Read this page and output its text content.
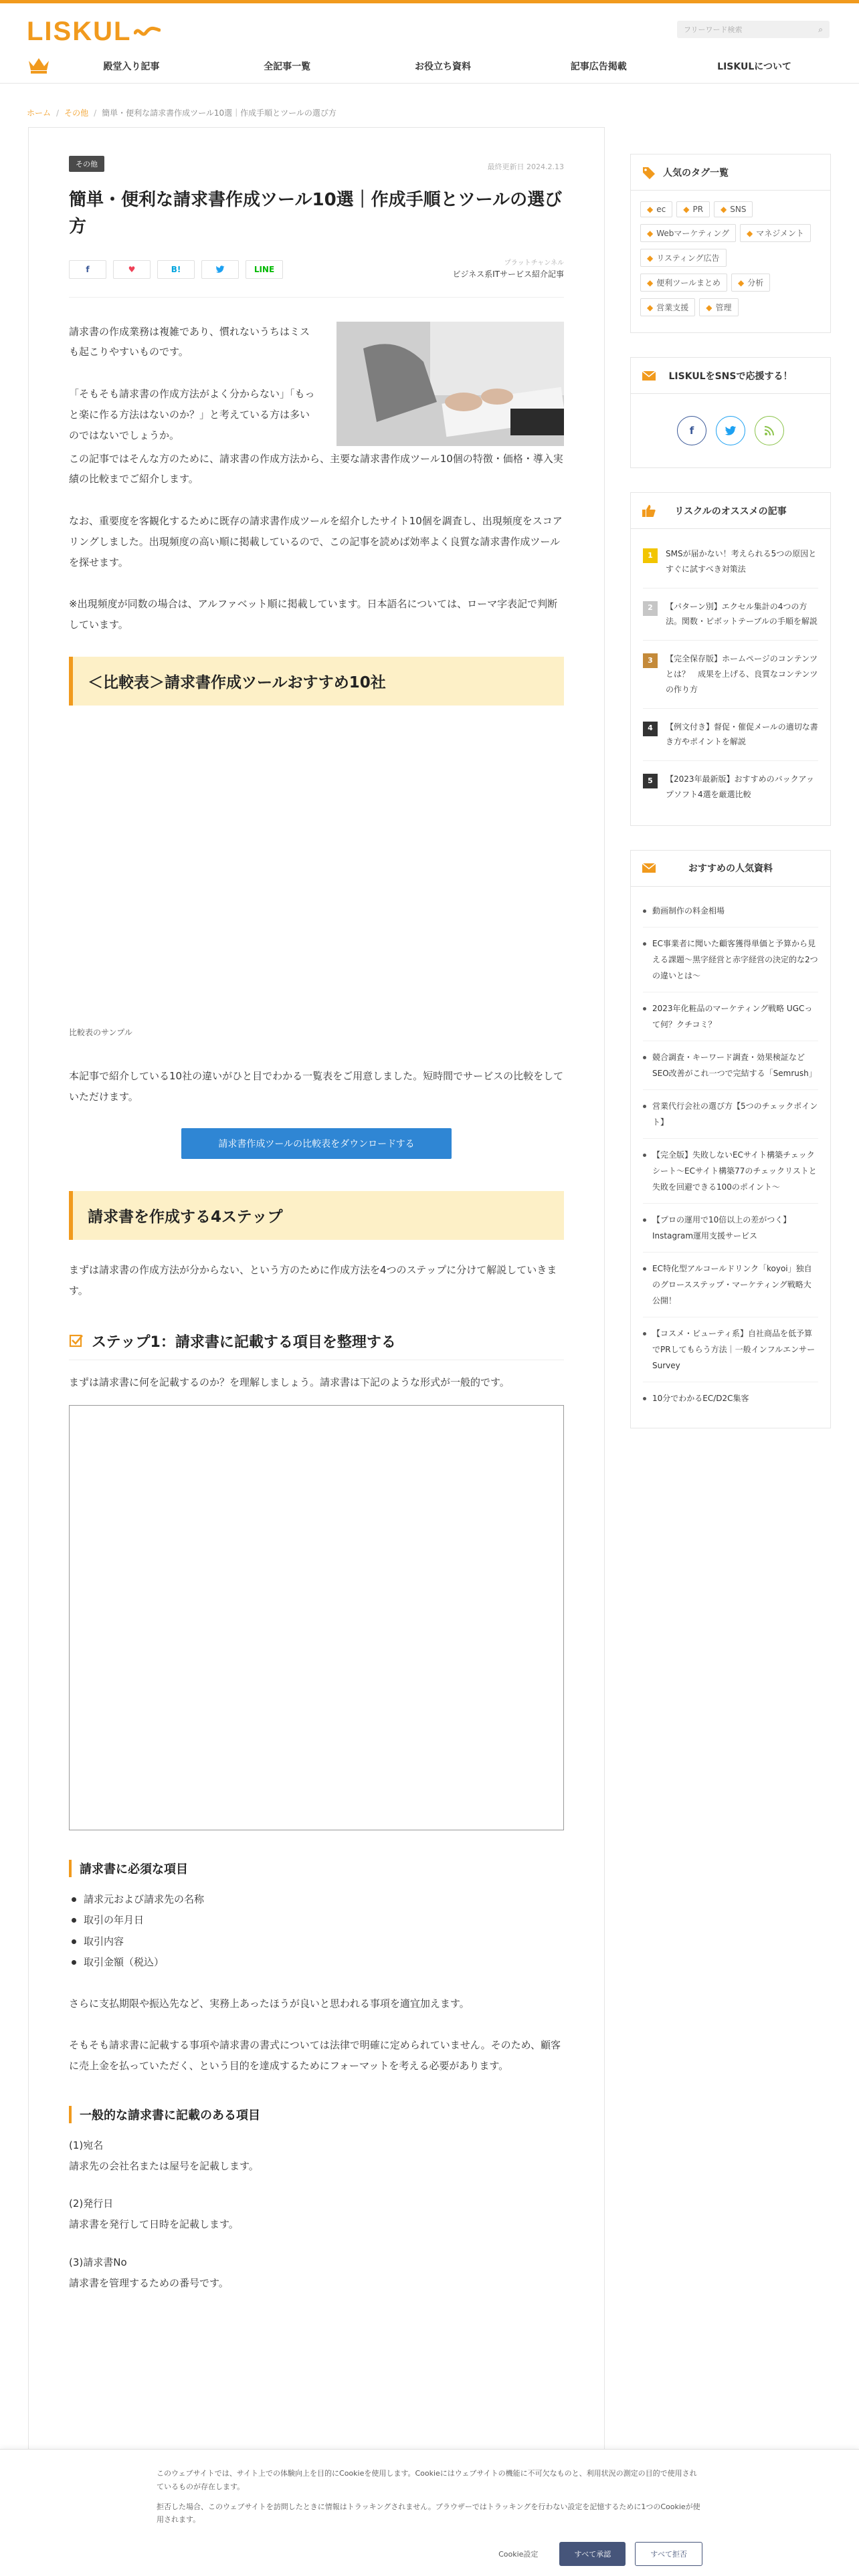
LISKUL	フリーワード検索	⌕
殿堂入り記事	全記事一覧	お役立ち資料	記事広告掲載	LISKULについて
ホーム / その他 / 簡単・便利な請求書作成ツール10選｜作成手順とツールの選び方
その他	最終更新日 2024.2.13
簡単・便利な請求書作成ツール10選｜作成手順とツールの選び方
f	♥	B!	LINE
プラットチャンネル
ビジネス系ITサービス紹介記事

請求書の作成業務は複雑であり、慣れないうちはミスも起こりやすいものです。

「そもそも請求書の作成方法がよく分からない」「もっと楽に作る方法はないのか？」と考えている方は多いのではないでしょうか。

この記事ではそんな方のために、請求書の作成方法から、主要な請求書作成ツール10個の特徴・価格・導入実績の比較までご紹介します。

なお、重要度を客観化するために既存の請求書作成ツールを紹介したサイト10個を調査し、出現頻度をスコアリングしました。出現頻度の高い順に掲載しているので、この記事を読めば効率よく良質な請求書作成ツールを探せます。

※出現頻度が同数の場合は、アルファベット順に掲載しています。日本語名については、ローマ字表記で判断しています。

＜比較表＞請求書作成ツールおすすめ10社
比較表のサンプル

本記事で紹介している10社の違いがひと目でわかる一覧表をご用意しました。短時間でサービスの比較をしていただけます。

請求書作成ツールの比較表をダウンロードする
請求書を作成する4ステップ

まずは請求書の作成方法が分からない、という方のために作成方法を4つのステップに分けて解説していきます。

ステップ1：請求書に記載する項目を整理する

まずは請求書に何を記載するのか？を理解しましょう。請求書は下記のような形式が一般的です。

請求書に必須な項目
請求元および請求先の名称
取引の年月日
取引内容
取引金額（税込）

さらに支払期限や振込先など、実務上あったほうが良いと思われる事項を適宜加えます。

そもそも請求書に記載する事項や請求書の書式については法律で明確に定められていません。そのため、顧客に売上金を払っていただく、という目的を達成するためにフォーマットを考える必要があります。

一般的な請求書に記載のある項目

(1)宛名
請求先の会社名または屋号を記載します。

(2)発行日
請求書を発行して日時を記載します。

(3)請求書No
請求書を管理するための番号です。

人気のタグ一覧
◆ ec ◆ PR ◆ SNS
◆ Webマーケティング ◆ マネジメント
◆ リスティング広告
◆ 便利ツールまとめ ◆ 分析
◆ 営業支援 ◆ 管理
LISKULをSNSで応援する！
f
リスクルのオススメの記事
1	SMSが届かない！考えられる5つの原因とすぐに試すべき対策法
2	【パターン別】エクセル集計の4つの方法。関数・ピボットテーブルの手順を解説
3	【完全保存版】ホームページのコンテンツとは？　成果を上げる、良質なコンテンツの作り方
4	【例文付き】督促・催促メールの適切な書き方やポイントを解説
5	【2023年最新版】おすすめのバックアップソフト4選を厳選比較
おすすめの人気資料
動画制作の料金相場
EC事業者に聞いた顧客獲得単価と予算から見える課題〜黒字経営と赤字経営の決定的な2つの違いとは〜
2023年化粧品のマーケティング戦略 UGCって何？クチコミ？
競合調査・キーワード調査・効果検証などSEO改善がこれ一つで完結する「Semrush」
営業代行会社の選び方【5つのチェックポイント】
【完全版】失敗しないECサイト構築チェックシート〜ECサイト構築77のチェックリストと失敗を回避できる100のポイント〜
【プロの運用で10倍以上の差がつく】Instagram運用支援サービス
EC特化型アルコールドリンク「koyoi」独自のグロースステップ・マーケティング戦略大公開！
【コスメ・ビューティ系】自社商品を低予算でPRしてもらう方法｜一般インフルエンサーSurvey
10分でわかるEC/D2C集客

このウェブサイトでは、サイト上での体験向上を目的にCookieを使用します。Cookieにはウェブサイトの機能に不可欠なものと、利用状況の測定の目的で使用されているものが存在します。

拒否した場合、このウェブサイトを訪問したときに情報はトラッキングされません。ブラウザーではトラッキングを行わない設定を記憶するために1つのCookieが使用されます。

Cookie設定	すべて承認	すべて拒否
